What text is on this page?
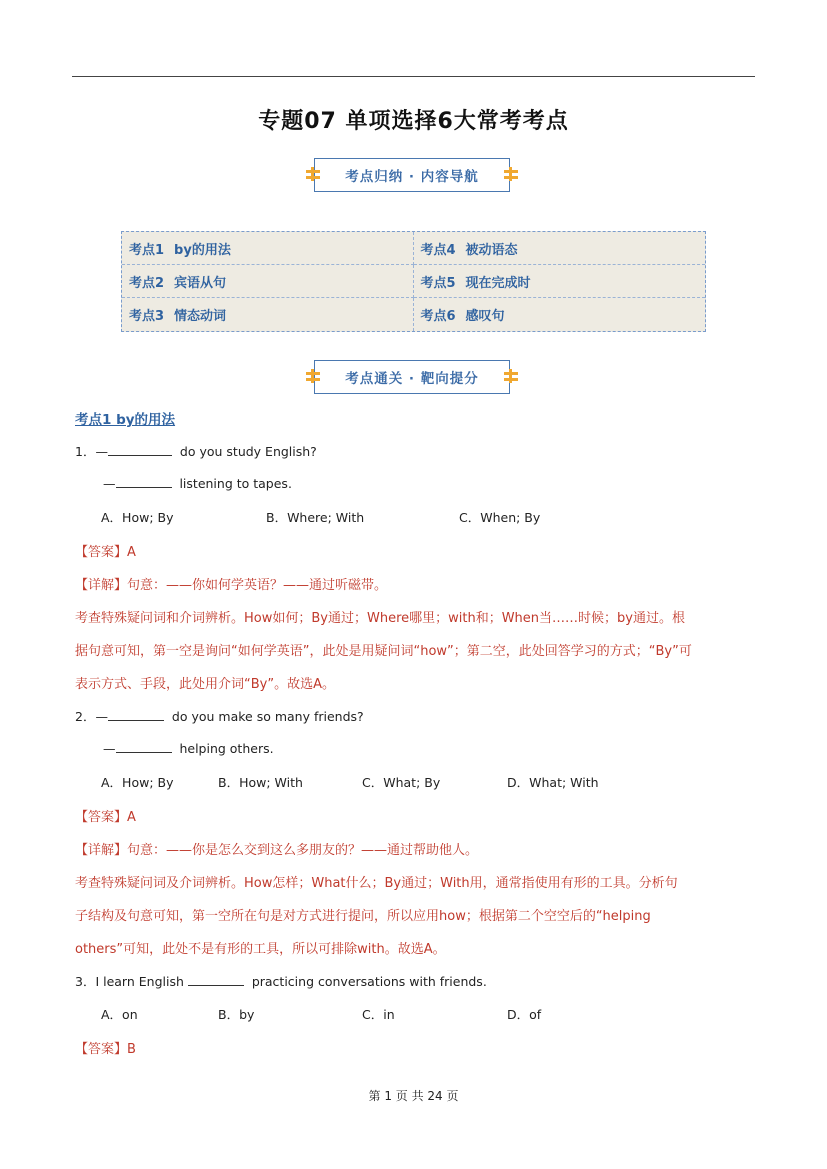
专题07 单项选择6大常考考点
考点归纳 · 内容导航
考点1 by的用法	考点4 被动语态
考点2 宾语从句	考点5 现在完成时
考点3 情态动词	考点6 感叹句
考点通关 · 靶向提分
考点1 by的用法
1．—	do you study English?
—	listening to tapes.
A．How; By	B．Where; With	C．When; By
【答案】A
【详解】句意：——你如何学英语？——通过听磁带。
考查特殊疑问词和介词辨析。How如何；By通过；Where哪里；with和；When当……时候；by通过。根
据句意可知，第一空是询问“如何学英语”，此处是用疑问词“how”；第二空，此处回答学习的方式；“By”可
表示方式、手段，此处用介词“By”。故选A。
2．—	do you make so many friends?
—	helping others.
A．How; By	B．How; With	C．What; By	D．What; With
【答案】A
【详解】句意：——你是怎么交到这么多朋友的？——通过帮助他人。
考查特殊疑问词及介词辨析。How怎样；What什么；By通过；With用，通常指使用有形的工具。分析句
子结构及句意可知，第一空所在句是对方式进行提问，所以应用how；根据第二个空空后的“helping
others”可知，此处不是有形的工具，所以可排除with。故选A。
3．I learn English	practicing conversations with friends.
A．on	B．by	C．in	D．of
【答案】B
第 1 页 共 24 页
